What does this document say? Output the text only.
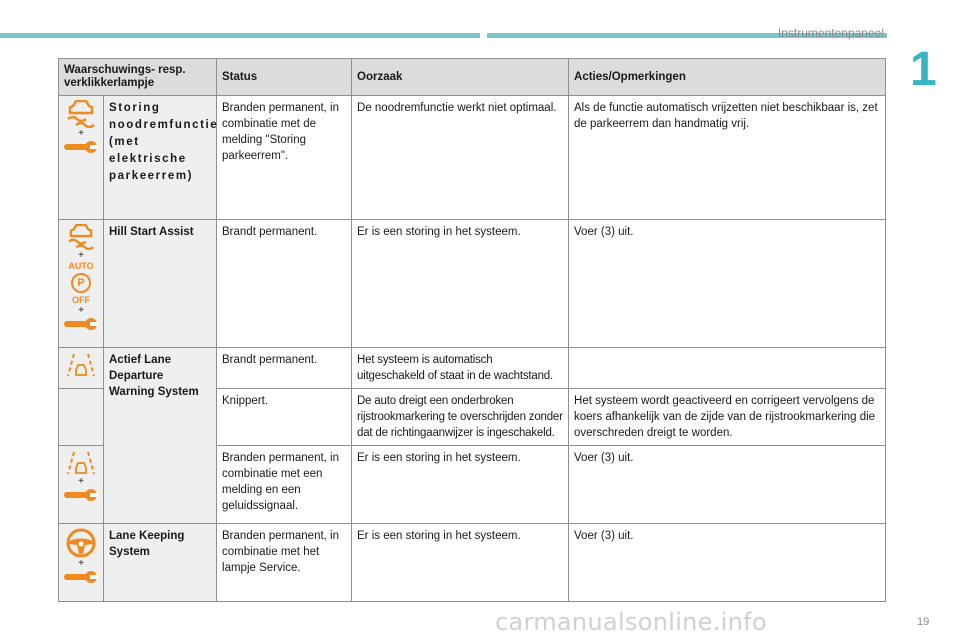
Instrumentenpaneel
1
Waarschuwings- resp. verklikkerlampje		Status	Oorzaak	Acties/Opmerkingen

+	Storing noodremfunctie (met elektrische parkeerrem)	Branden permanent, in combinatie met de melding "Storing parkeerrem".	De noodremfunctie werkt niet optimaal.	Als de functie automatisch vrijzetten niet beschikbaar is, zet de parkeerrem dan handmatig vrij.

+
AUTO
P
OFF
+	Hill Start Assist	Brandt permanent.	Er is een storing in het systeem.	Voer (3) uit.

	Actief Lane Departure Warning System	Brandt permanent.	Het systeem is automatisch uitgeschakeld of staat in de wachtstand.	
		Knippert.	De auto dreigt een onderbroken rijstrookmarkering te overschrijden zonder dat de richtingaanwijzer is ingeschakeld.	Het systeem wordt geactiveerd en corrigeert vervolgens de koers afhankelijk van de zijde van de rijstrookmarkering die overschreden dreigt te worden.

+		Branden permanent, in combinatie met een melding en een geluidssignaal.	Er is een storing in het systeem.	Voer (3) uit.

+	Lane Keeping System	Branden permanent, in combinatie met het lampje Service.	Er is een storing in het systeem.	Voer (3) uit.
carmanualsonline.info	19
